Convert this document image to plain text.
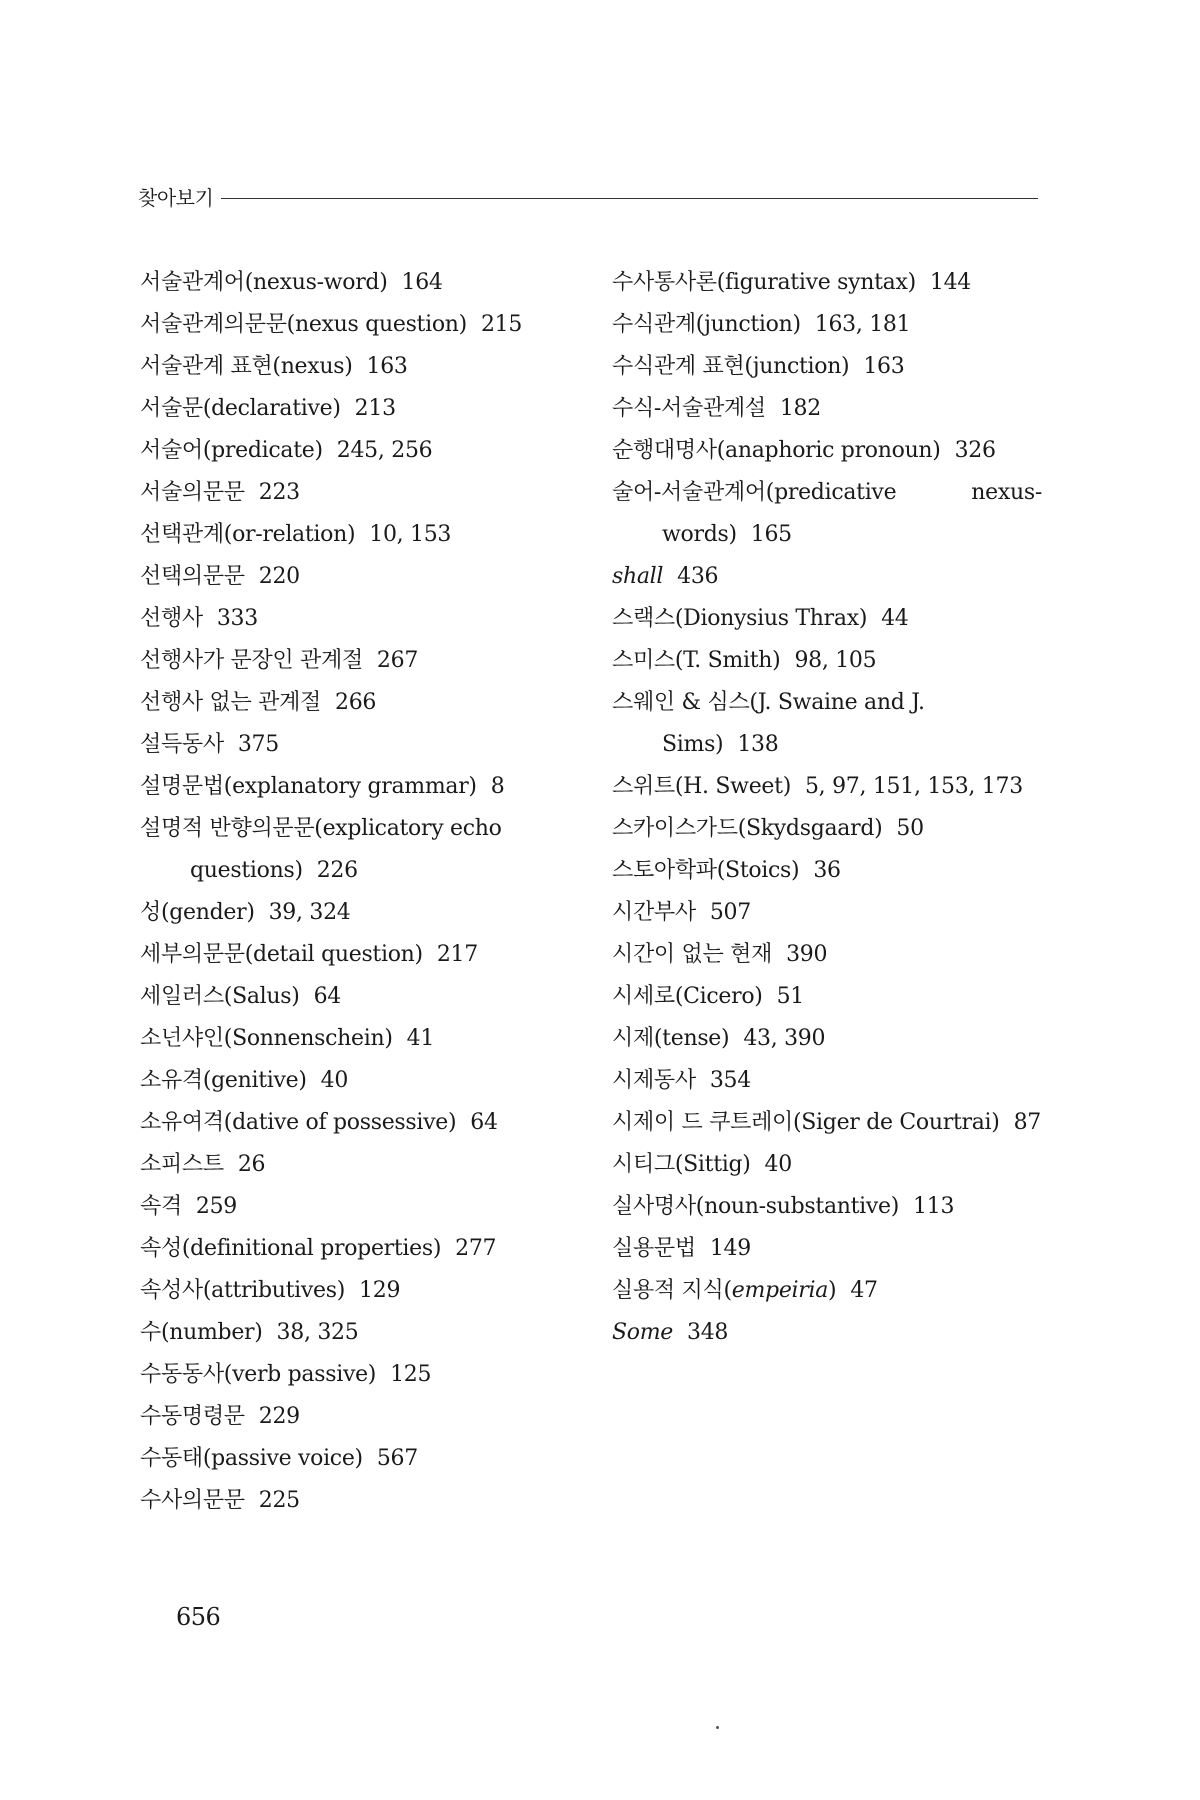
찾아보기

서술관계어(nexus-word) 164

서술관계의문문(nexus question) 215

서술관계 표현(nexus) 163

서술문(declarative) 213

서술어(predicate) 245, 256

서술의문문 223

선택관계(or-relation) 10, 153

선택의문문 220

선행사 333

선행사가 문장인 관계절 267

선행사 없는 관계절 266

설득동사 375

설명문법(explanatory grammar) 8

설명적 반향의문문(explicatory echo questions) 226

성(gender) 39, 324

세부의문문(detail question) 217

세일러스(Salus) 64

소넌샤인(Sonnenschein) 41

소유격(genitive) 40

소유여격(dative of possessive) 64

소피스트 26

속격 259

속성(definitional properties) 277

속성사(attributives) 129

수(number) 38, 325

수동동사(verb passive) 125

수동명령문 229

수동태(passive voice) 567

수사의문문 225

수사통사론(figurative syntax) 144

수식관계(junction) 163, 181

수식관계 표현(junction) 163

수식-서술관계설 182

순행대명사(anaphoric pronoun) 326

술어-서술관계어(predicative nexus-words) 165

shall 436

스랙스(Dionysius Thrax) 44

스미스(T. Smith) 98, 105

스웨인 & 심스(J. Swaine and J. Sims) 138

스위트(H. Sweet) 5, 97, 151, 153, 173

스카이스가드(Skydsgaard) 50

스토아학파(Stoics) 36

시간부사 507

시간이 없는 현재 390

시세로(Cicero) 51

시제(tense) 43, 390

시제동사 354

시제이 드 쿠트레이(Siger de Courtrai) 87

시티그(Sittig) 40

실사명사(noun-substantive) 113

실용문법 149

실용적 지식(empeiria) 47

Some 348

656
